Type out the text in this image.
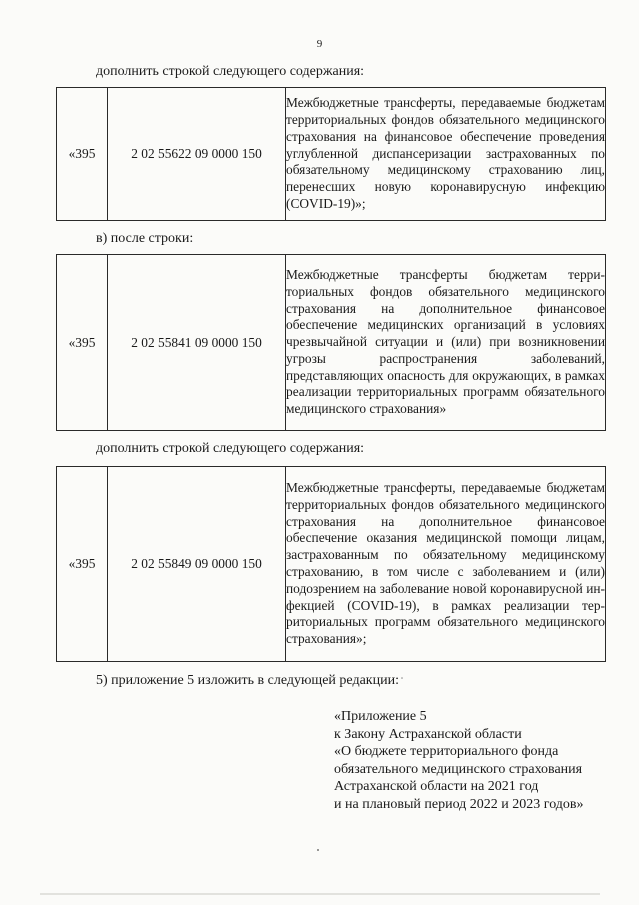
9
дополнить строкой следующего содержания:
«395	2 02 55622 09 0000 150	Межбюджетные трансферты, передаваемые бюджетам территориальных фондов обязательного медицинского страхования на финансовое обеспечение проведения углубленной диспансеризации застрахованных по обязательному медицинскому страхованию лиц, перенесших новую коронавирусную инфекцию (COVID-19)»;
в) после строки:
«395	2 02 55841 09 0000 150	Межбюджетные трансферты бюджетам территориальных фондов обязательного медицинского страхования на дополнительное финансовое обеспечение медицинских организаций в условиях чрезвычайной ситуации и (или) при возникновении угрозы распространения заболеваний, представляющих опасность для окружающих, в рамках реализации территориальных программ обязательного медицинского страхования»
дополнить строкой следующего содержания:
«395	2 02 55849 09 0000 150	Межбюджетные трансферты, передаваемые бюджетам территориальных фондов обязательного медицинского страхования на дополнительное финансовое обеспечение оказания медицинской помощи лицам, застрахованным по обязательному медицинскому страхованию, в том числе с заболеванием и (или) подозрением на заболевание новой коронавирусной инфекцией (COVID-19), в рамках реализации территориальных программ обязательного медицинского страхования»;
5) приложение 5 изложить в следующей редакции:
«Приложение 5
к Закону Астраханской области
«О бюджете территориального фонда
обязательного медицинского страхования
Астраханской области на 2021 год
и на плановый период 2022 и 2023 годов»
